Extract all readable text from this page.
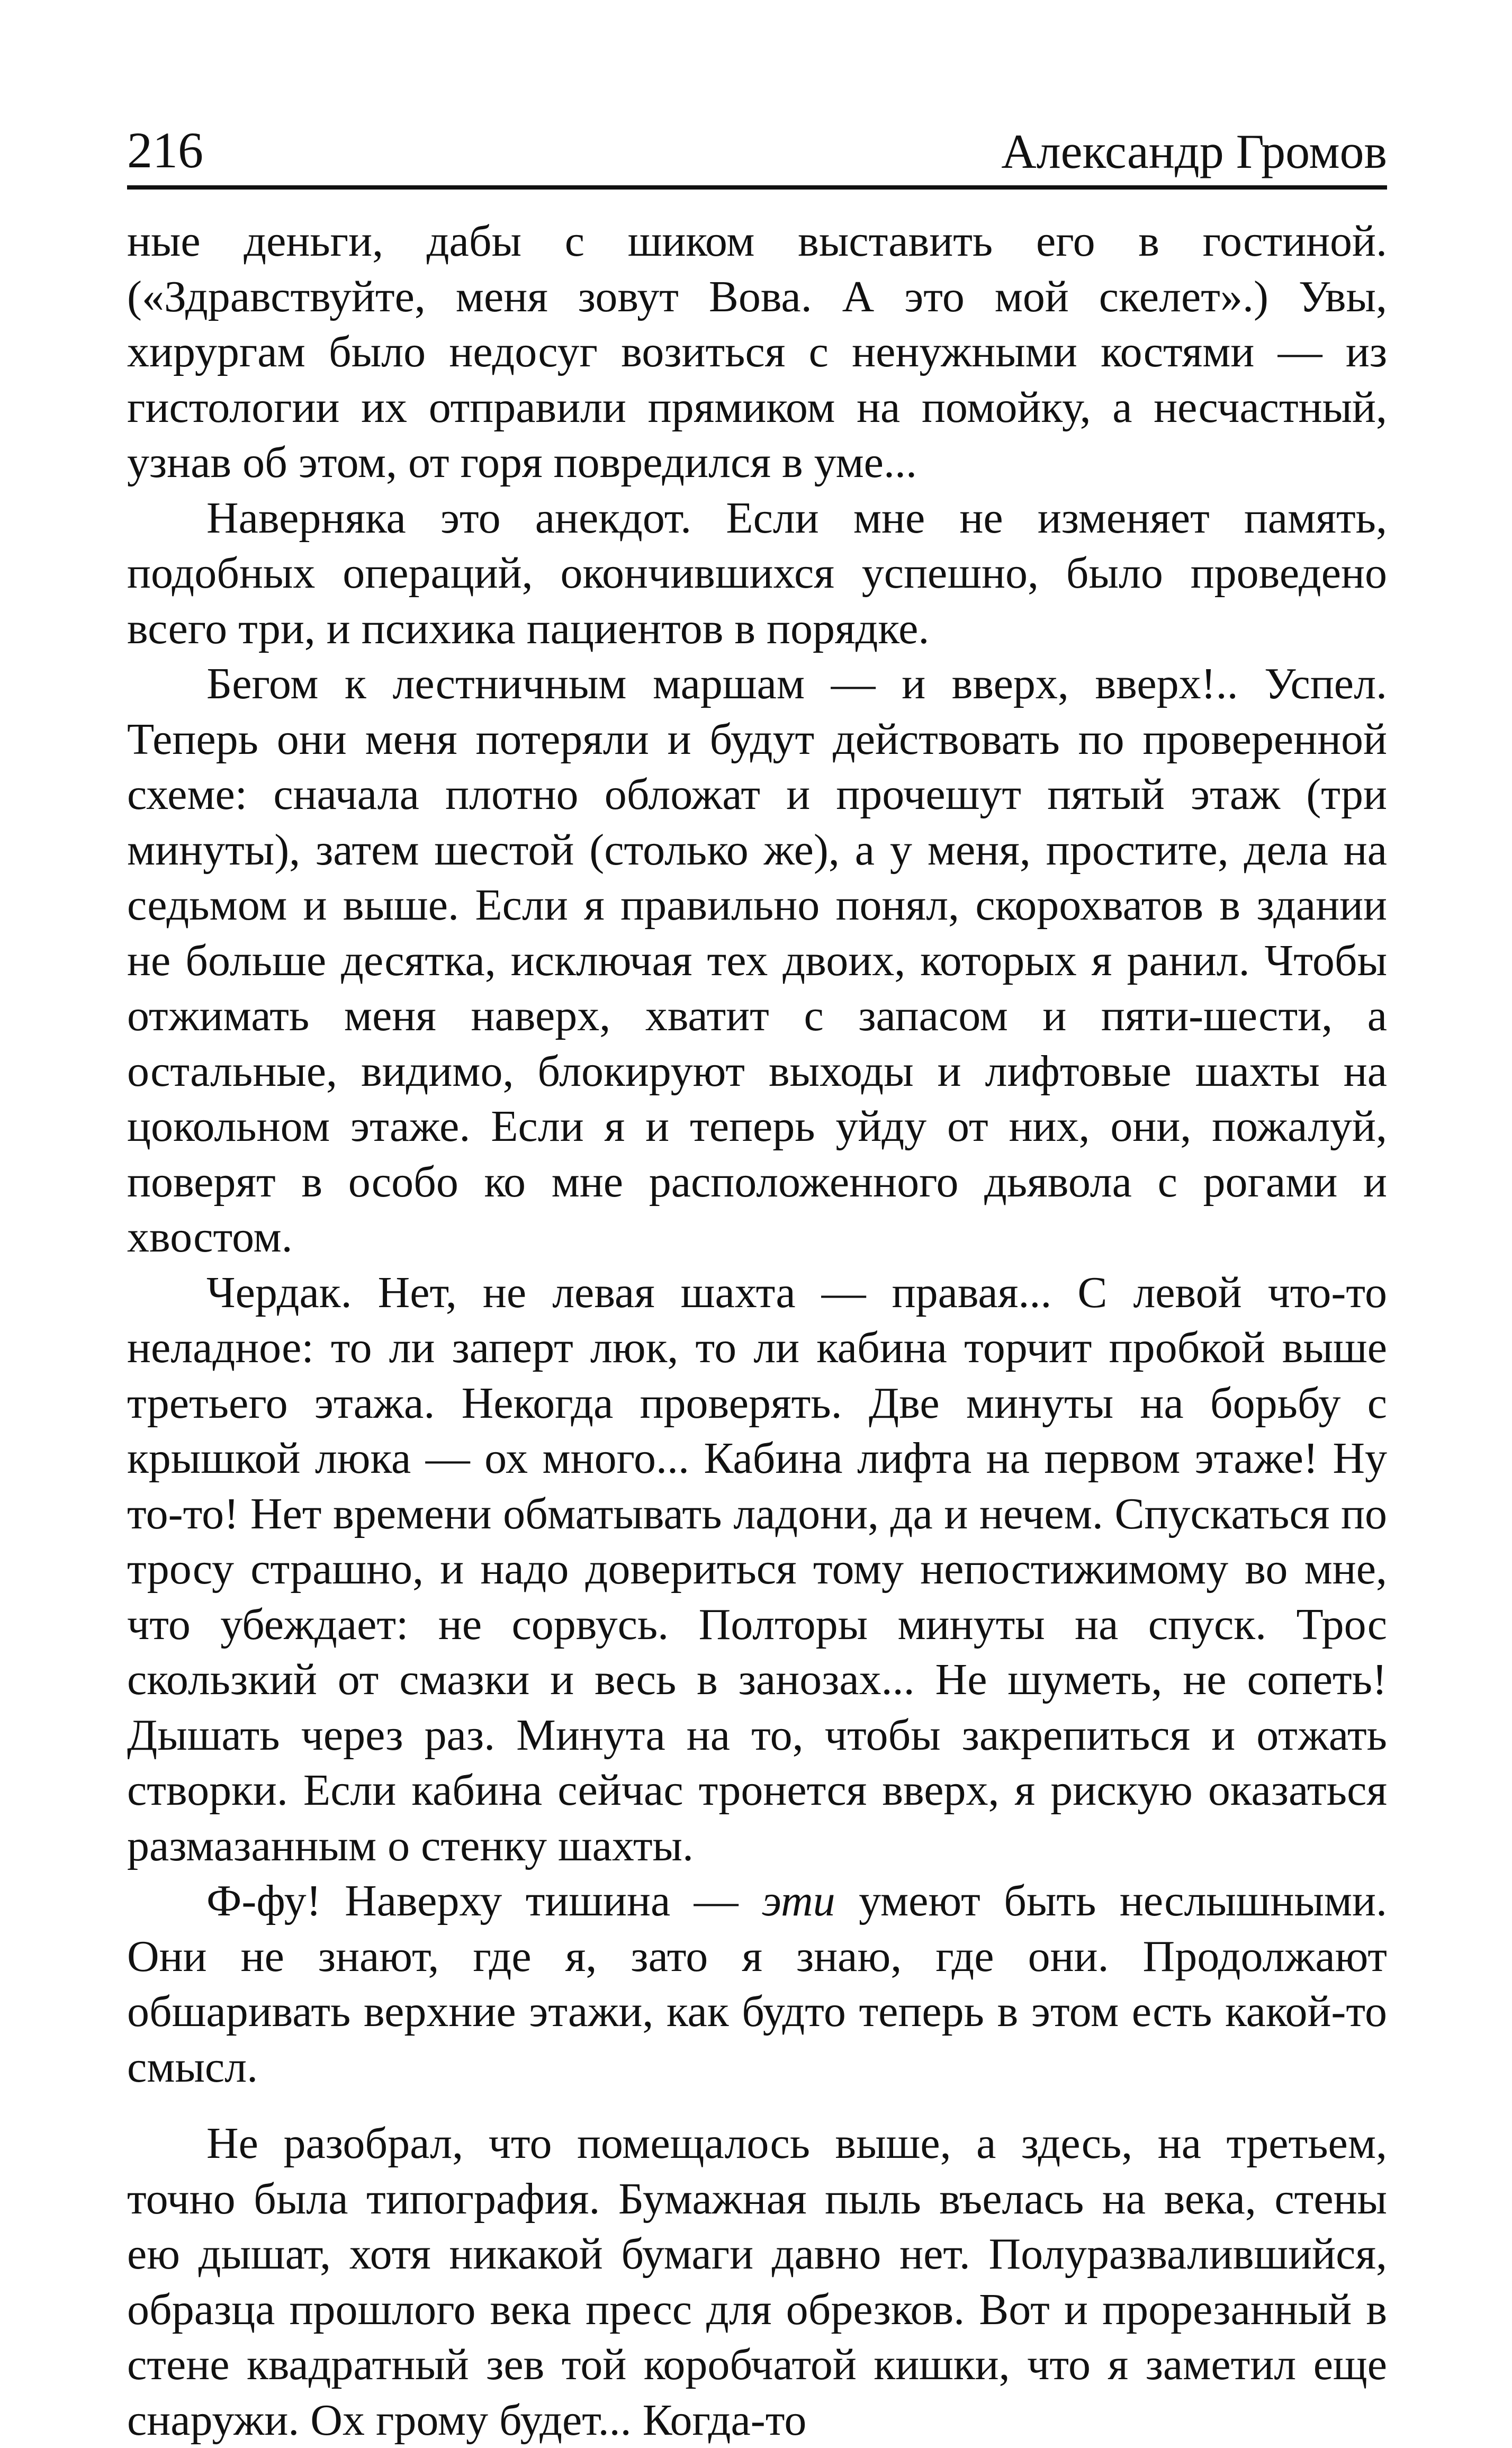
216	Александр Громов

ные деньги, дабы с шиком выставить его в гостиной. («Здравствуйте, меня зовут Вова. А это мой скелет».) Увы, хирургам было недосуг возиться с ненужными костями — из гистологии их отправили прямиком на помойку, а несчастный, узнав об этом, от горя повредился в уме...

Наверняка это анекдот. Если мне не изменяет память, подобных операций, окончившихся успешно, было проведено всего три, и психика пациентов в порядке.

Бегом к лестничным маршам — и вверх, вверх!.. Успел. Теперь они меня потеряли и будут действовать по проверенной схеме: сначала плотно обложат и прочешут пятый этаж (три минуты), затем шестой (столько же), а у меня, простите, дела на седьмом и выше. Если я правильно понял, скорохватов в здании не больше десятка, исключая тех двоих, которых я ранил. Чтобы отжимать меня наверх, хватит с запасом и пяти-шести, а остальные, видимо, блокируют выходы и лифтовые шахты на цокольном этаже. Если я и теперь уйду от них, они, пожалуй, поверят в особо ко мне расположенного дьявола с рогами и хвостом.

Чердак. Нет, не левая шахта — правая... С левой что-то неладное: то ли заперт люк, то ли кабина торчит пробкой выше третьего этажа. Некогда проверять. Две минуты на борьбу с крышкой люка — ох много... Кабина лифта на первом этаже! Ну то-то! Нет времени обматывать ладони, да и нечем. Спускаться по тросу страшно, и надо довериться тому непостижимому во мне, что убеждает: не сорвусь. Полторы минуты на спуск. Трос скользкий от смазки и весь в занозах... Не шуметь, не сопеть! Дышать через раз. Минута на то, чтобы закрепиться и отжать створки. Если кабина сейчас тронется вверх, я рискую оказаться размазанным о стенку шахты.

Ф-фу! Наверху тишина — эти умеют быть неслышными. Они не знают, где я, зато я знаю, где они. Продолжают обшаривать верхние этажи, как будто теперь в этом есть какой-то смысл.

Не разобрал, что помещалось выше, а здесь, на третьем, точно была типография. Бумажная пыль въелась на века, стены ею дышат, хотя никакой бумаги давно нет. Полуразвалившийся, образца прошлого века пресс для обрезков. Вот и прорезанный в стене квадратный зев той коробчатой кишки, что я заметил еще снаружи. Ох грому будет... Когда-то
